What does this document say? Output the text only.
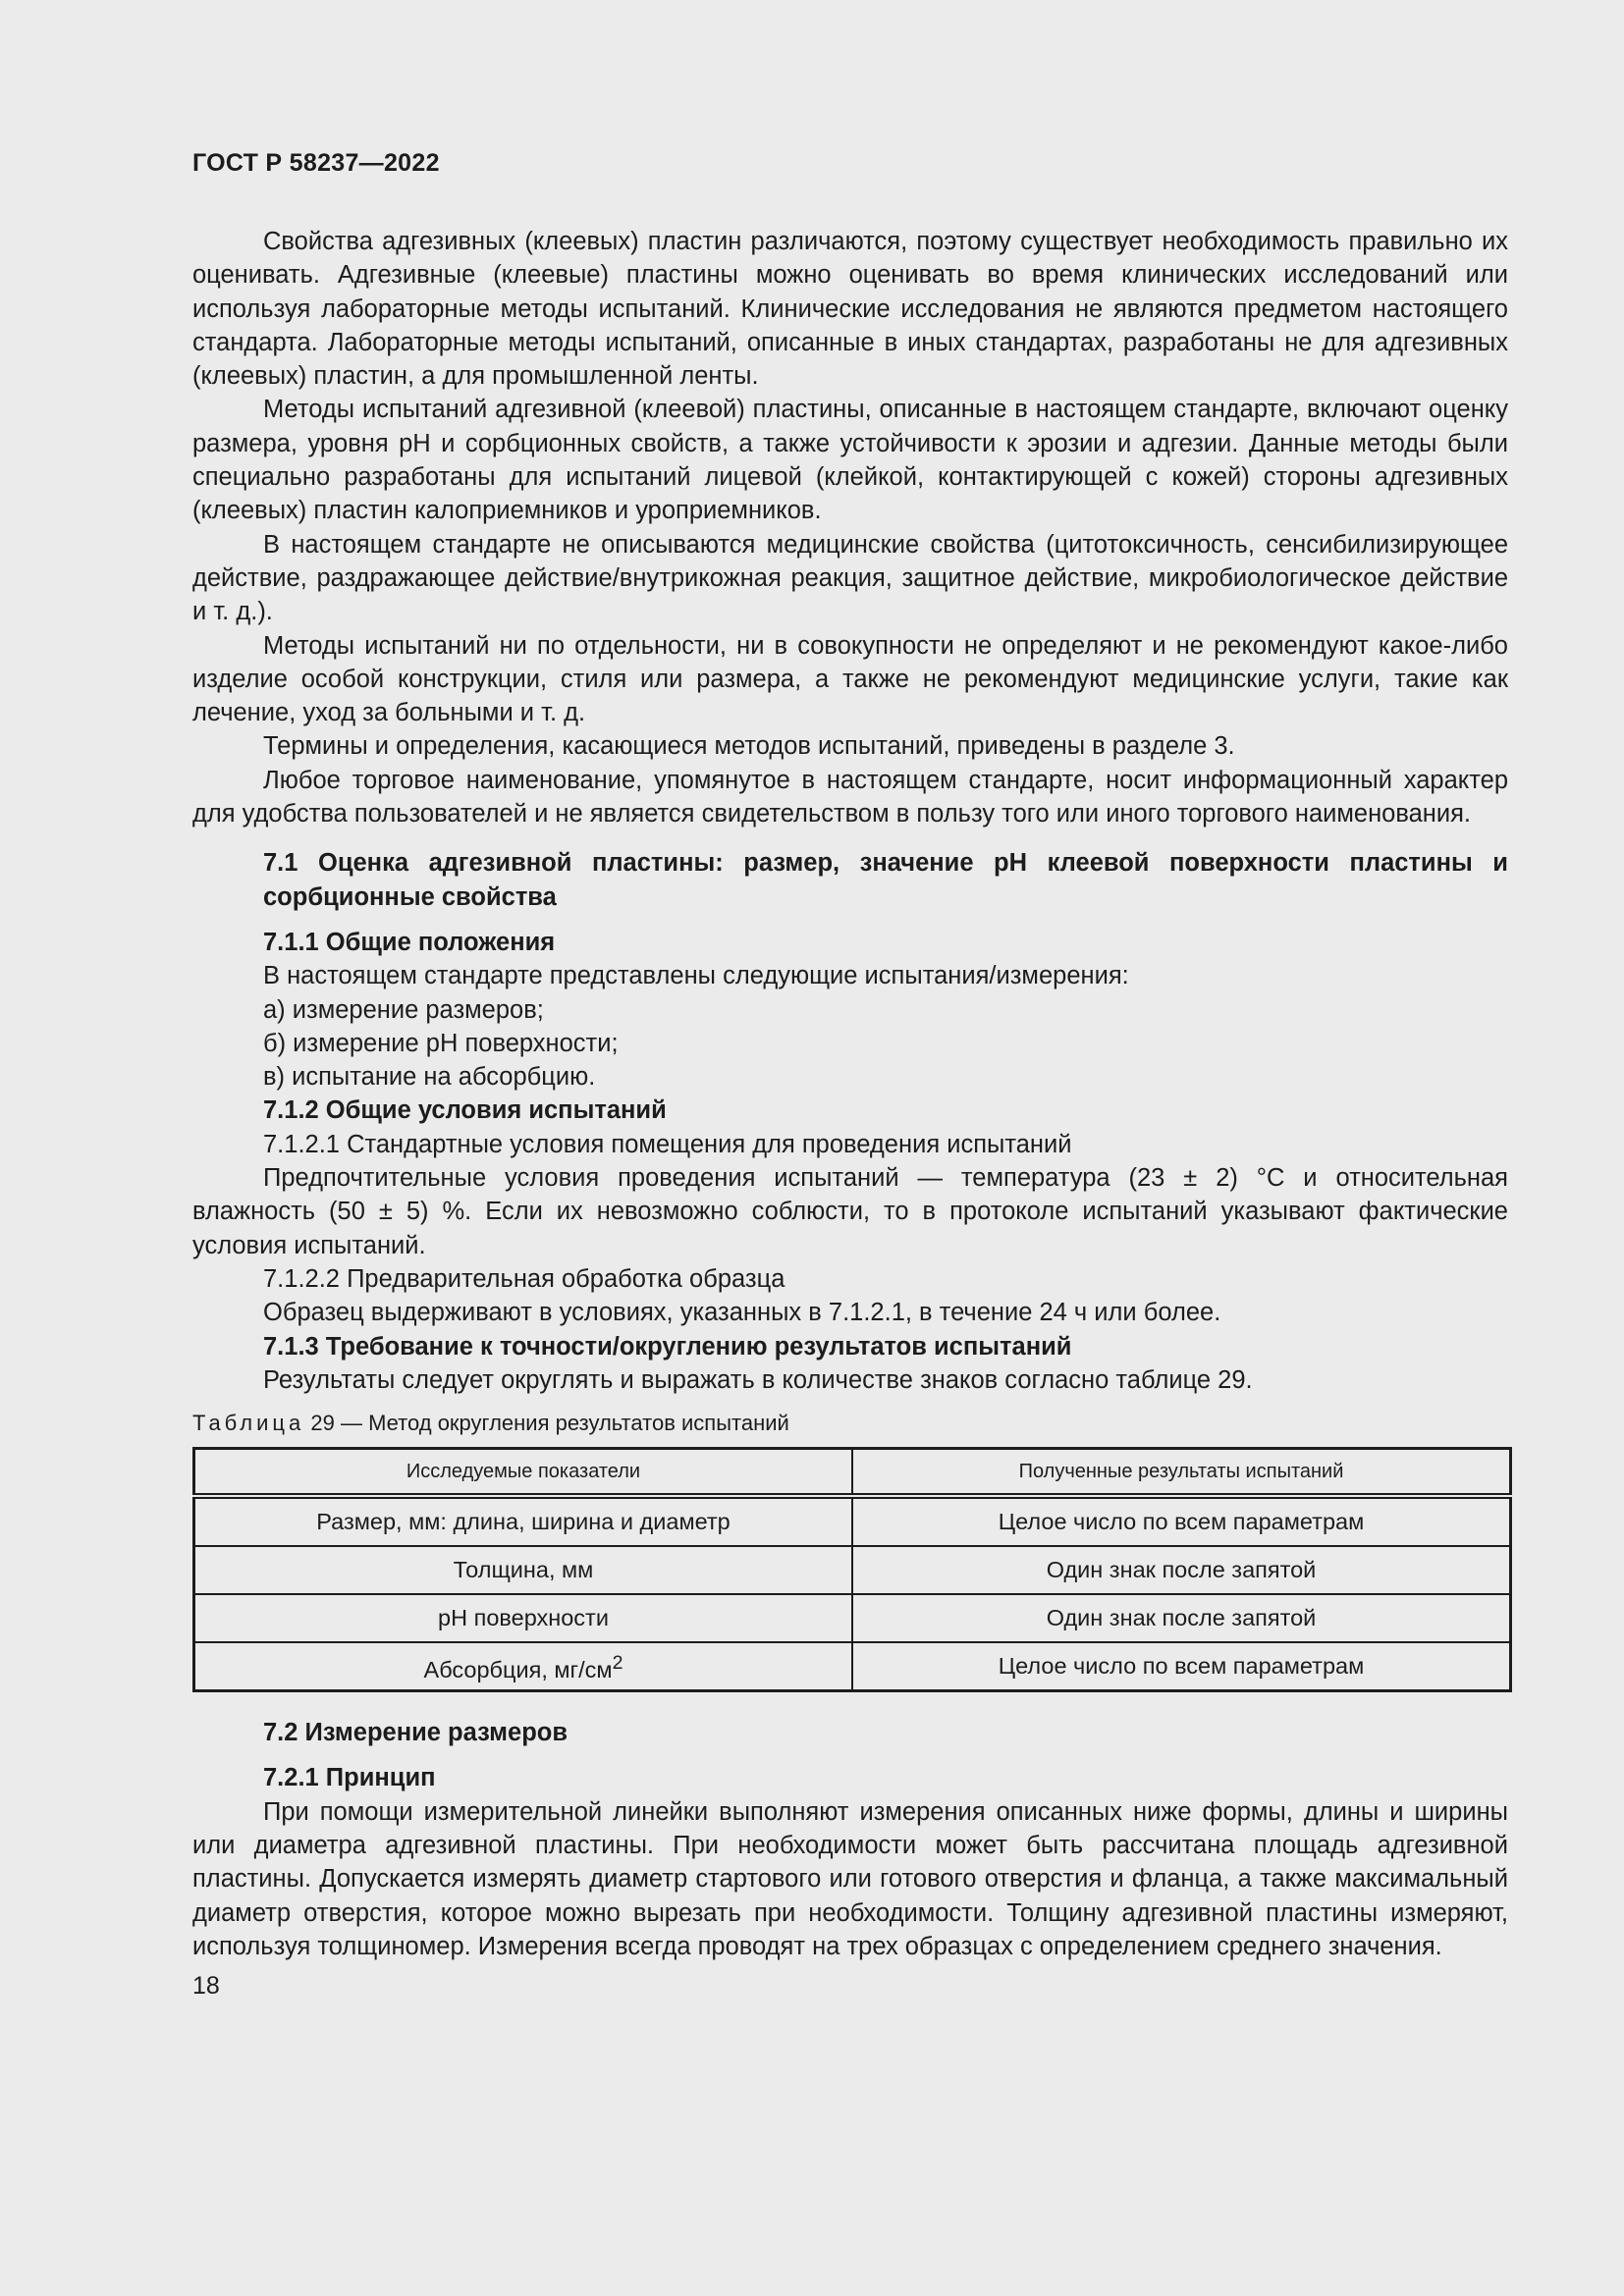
ГОСТ Р 58237—2022

Свойства адгезивных (клеевых) пластин различаются, поэтому существует необходимость правильно их оценивать. Адгезивные (клеевые) пластины можно оценивать во время клинических исследований или используя лабораторные методы испытаний. Клинические исследования не являются предметом настоящего стандарта. Лабораторные методы испытаний, описанные в иных стандартах, разработаны не для адгезивных (клеевых) пластин, а для промышленной ленты.

Методы испытаний адгезивной (клеевой) пластины, описанные в настоящем стандарте, включают оценку размера, уровня рН и сорбционных свойств, а также устойчивости к эрозии и адгезии. Данные методы были специально разработаны для испытаний лицевой (клейкой, контактирующей с кожей) стороны адгезивных (клеевых) пластин калоприемников и уроприемников.

В настоящем стандарте не описываются медицинские свойства (цитотоксичность, сенсибилизирующее действие, раздражающее действие/внутрикожная реакция, защитное действие, микробиологическое действие и т. д.).

Методы испытаний ни по отдельности, ни в совокупности не определяют и не рекомендуют какое-либо изделие особой конструкции, стиля или размера, а также не рекомендуют медицинские услуги, такие как лечение, уход за больными и т. д.

Термины и определения, касающиеся методов испытаний, приведены в разделе 3.

Любое торговое наименование, упомянутое в настоящем стандарте, носит информационный характер для удобства пользователей и не является свидетельством в пользу того или иного торгового наименования.

7.1 Оценка адгезивной пластины: размер, значение рН клеевой поверхности пластины и сорбционные свойства

7.1.1 Общие положения

В настоящем стандарте представлены следующие испытания/измерения:

а) измерение размеров;

б) измерение рН поверхности;

в) испытание на абсорбцию.

7.1.2 Общие условия испытаний

7.1.2.1 Стандартные условия помещения для проведения испытаний

Предпочтительные условия проведения испытаний — температура (23 ± 2) °C и относительная влажность (50 ± 5) %. Если их невозможно соблюсти, то в протоколе испытаний указывают фактические условия испытаний.

7.1.2.2 Предварительная обработка образца

Образец выдерживают в условиях, указанных в 7.1.2.1, в течение 24 ч или более.

7.1.3 Требование к точности/округлению результатов испытаний

Результаты следует округлять и выражать в количестве знаков согласно таблице 29.

Таблица 29 — Метод округления результатов испытаний
Исследуемые показатели	Полученные результаты испытаний
Размер, мм: длина, ширина и диаметр	Целое число по всем параметрам
Толщина, мм	Один знак после запятой
рН поверхности	Один знак после запятой
Абсорбция, $мг/см^2$	Целое число по всем параметрам

7.2 Измерение размеров

7.2.1 Принцип

При помощи измерительной линейки выполняют измерения описанных ниже формы, длины и ширины или диаметра адгезивной пластины. При необходимости может быть рассчитана площадь адгезивной пластины. Допускается измерять диаметр стартового или готового отверстия и фланца, а также максимальный диаметр отверстия, которое можно вырезать при необходимости. Толщину адгезивной пластины измеряют, используя толщиномер. Измерения всегда проводят на трех образцах с определением среднего значения.

18
